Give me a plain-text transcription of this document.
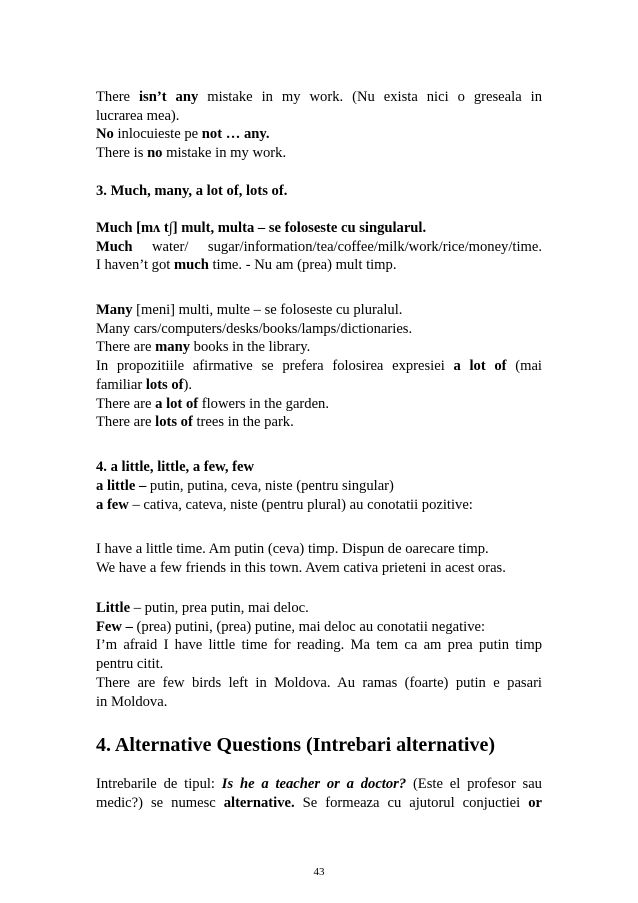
There isn’t any mistake in my work. (Nu exista nici o greseala in

lucrarea mea).

No inlocuieste pe not … any.

There is no mistake in my work.

3. Much, many, a lot of, lots of.

Much [mᴧ t∫] mult, multa – se foloseste cu singularul.

Much water/ sugar/information/tea/coffee/milk/work/rice/money/time.

I haven’t got much time. - Nu am (prea) mult timp.

Many [meni] multi, multe – se foloseste cu pluralul.

Many cars/computers/desks/books/lamps/dictionaries.

There are many books in the library.

In propozitiile afirmative se prefera folosirea expresiei a lot of (mai

familiar lots of).

There are a lot of flowers in the garden.

There are lots of trees in the park.

4. a little, little, a few, few

a little – putin, putina, ceva, niste (pentru singular)

a few – cativa, cateva, niste (pentru plural) au conotatii pozitive:

I have a little time. Am putin (ceva) timp. Dispun de oarecare timp.

We have a few friends in this town. Avem cativa prieteni in acest oras.

Little – putin, prea putin, mai deloc.

Few – (prea) putini, (prea) putine, mai deloc au conotatii negative:

I’m afraid I have little time for reading. Ma tem ca am prea putin timp

pentru citit.

There are few birds left in Moldova. Au ramas (foarte) putin e pasari

in Moldova.

4. Alternative Questions (Intrebari alternative)

Intrebarile de tipul: Is he a teacher or a doctor? (Este el profesor sau

medic?) se numesc alternative. Se formeaza cu ajutorul conjuctiei or

43
